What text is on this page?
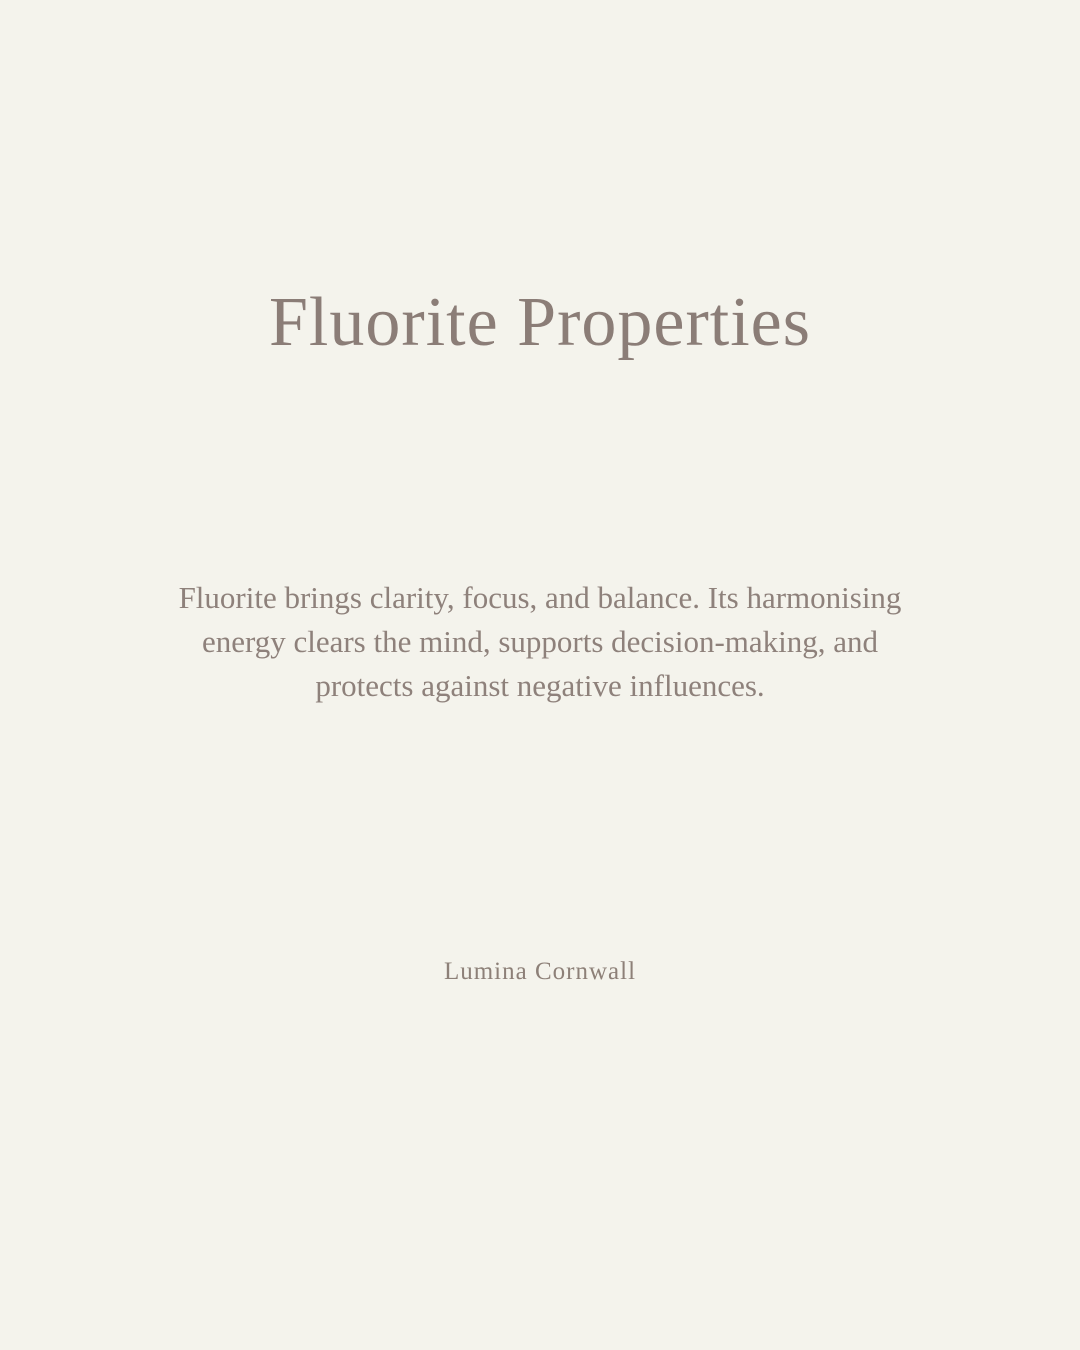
Fluorite Properties
Fluorite brings clarity, focus, and balance. Its harmonising
energy clears the mind, supports decision-making, and
protects against negative influences.
Lumina Cornwall
